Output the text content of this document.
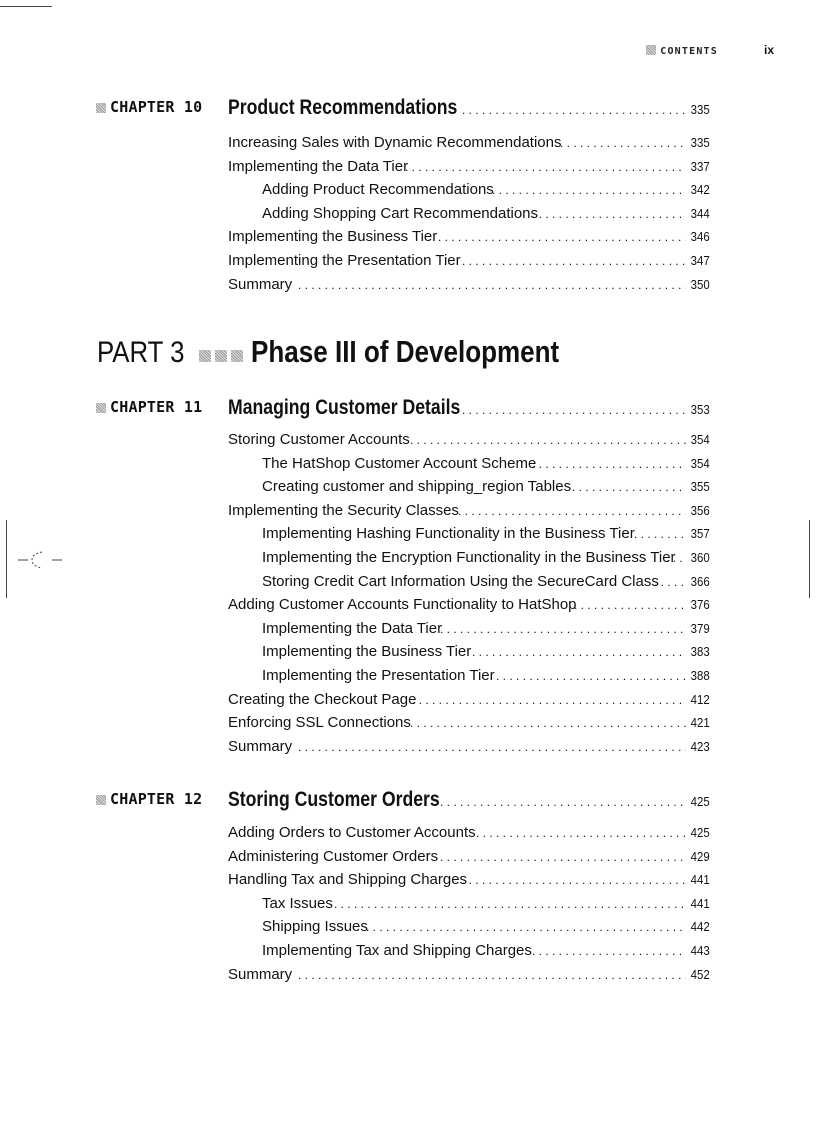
CONTENTS	ix
CHAPTER 10 Product Recommendations . . .	335
Increasing Sales with Dynamic Recommendations . . .	335
Implementing the Data Tier . . .	337
Adding Product Recommendations . . .	342
Adding Shopping Cart Recommendations . . .	344
Implementing the Business Tier . . .	346
Implementing the Presentation Tier . . .	347
Summary . . .	350
PART 3 Phase III of Development
CHAPTER 11 Managing Customer Details . . .	353
Storing Customer Accounts . . .	354
The HatShop Customer Account Scheme . . .	354
Creating customer and shipping_region Tables . . .	355
Implementing the Security Classes . . .	356
Implementing Hashing Functionality in the Business Tier . . .	357
Implementing the Encryption Functionality in the Business Tier . . . 360
Storing Credit Cart Information Using the SecureCard Class . . . 366
Adding Customer Accounts Functionality to HatShop . . .	376
Implementing the Data Tier . . .	379
Implementing the Business Tier . . .	383
Implementing the Presentation Tier . . .	388
Creating the Checkout Page . . .	412
Enforcing SSL Connections . . .	421
Summary . . .	423
CHAPTER 12 Storing Customer Orders . . .	425
Adding Orders to Customer Accounts . . .	425
Administering Customer Orders . . .	429
Handling Tax and Shipping Charges . . .	441
Tax Issues . . .	441
Shipping Issues . . .	442
Implementing Tax and Shipping Charges . . .	443
Summary . . .	452
